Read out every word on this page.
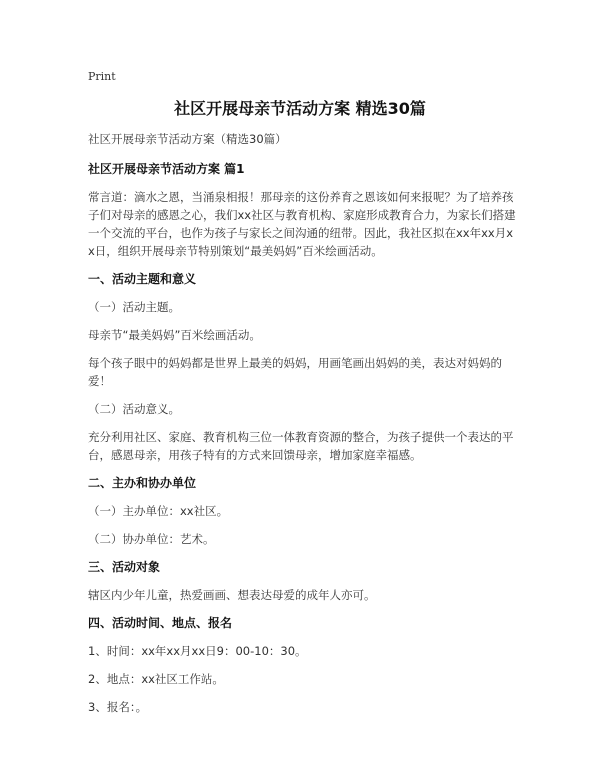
Print
社区开展母亲节活动方案 精选30篇
社区开展母亲节活动方案（精选30篇）
社区开展母亲节活动方案 篇1
常言道：滴水之恩，当涌泉相报！那母亲的这份养育之恩该如何来报呢？为了培养孩子们对母亲的感恩之心，我们xx社区与教育机构、家庭形成教育合力，为家长们搭建一个交流的平台，也作为孩子与家长之间沟通的纽带。因此，我社区拟在xx年xx月xx日，组织开展母亲节特别策划“最美妈妈”百米绘画活动。
一、活动主题和意义
（一）活动主题。
母亲节“最美妈妈”百米绘画活动。
每个孩子眼中的妈妈都是世界上最美的妈妈，用画笔画出妈妈的美，表达对妈妈的爱！
（二）活动意义。
充分利用社区、家庭、教育机构三位一体教育资源的整合，为孩子提供一个表达的平台，感恩母亲，用孩子特有的方式来回馈母亲，增加家庭幸福感。
二、主办和协办单位
（一）主办单位：xx社区。
（二）协办单位：艺术。
三、活动对象
辖区内少年儿童，热爱画画、想表达母爱的成年人亦可。
四、活动时间、地点、报名
1、时间：xx年xx月xx日9：00-10：30。
2、地点：xx社区工作站。
3、报名：。
